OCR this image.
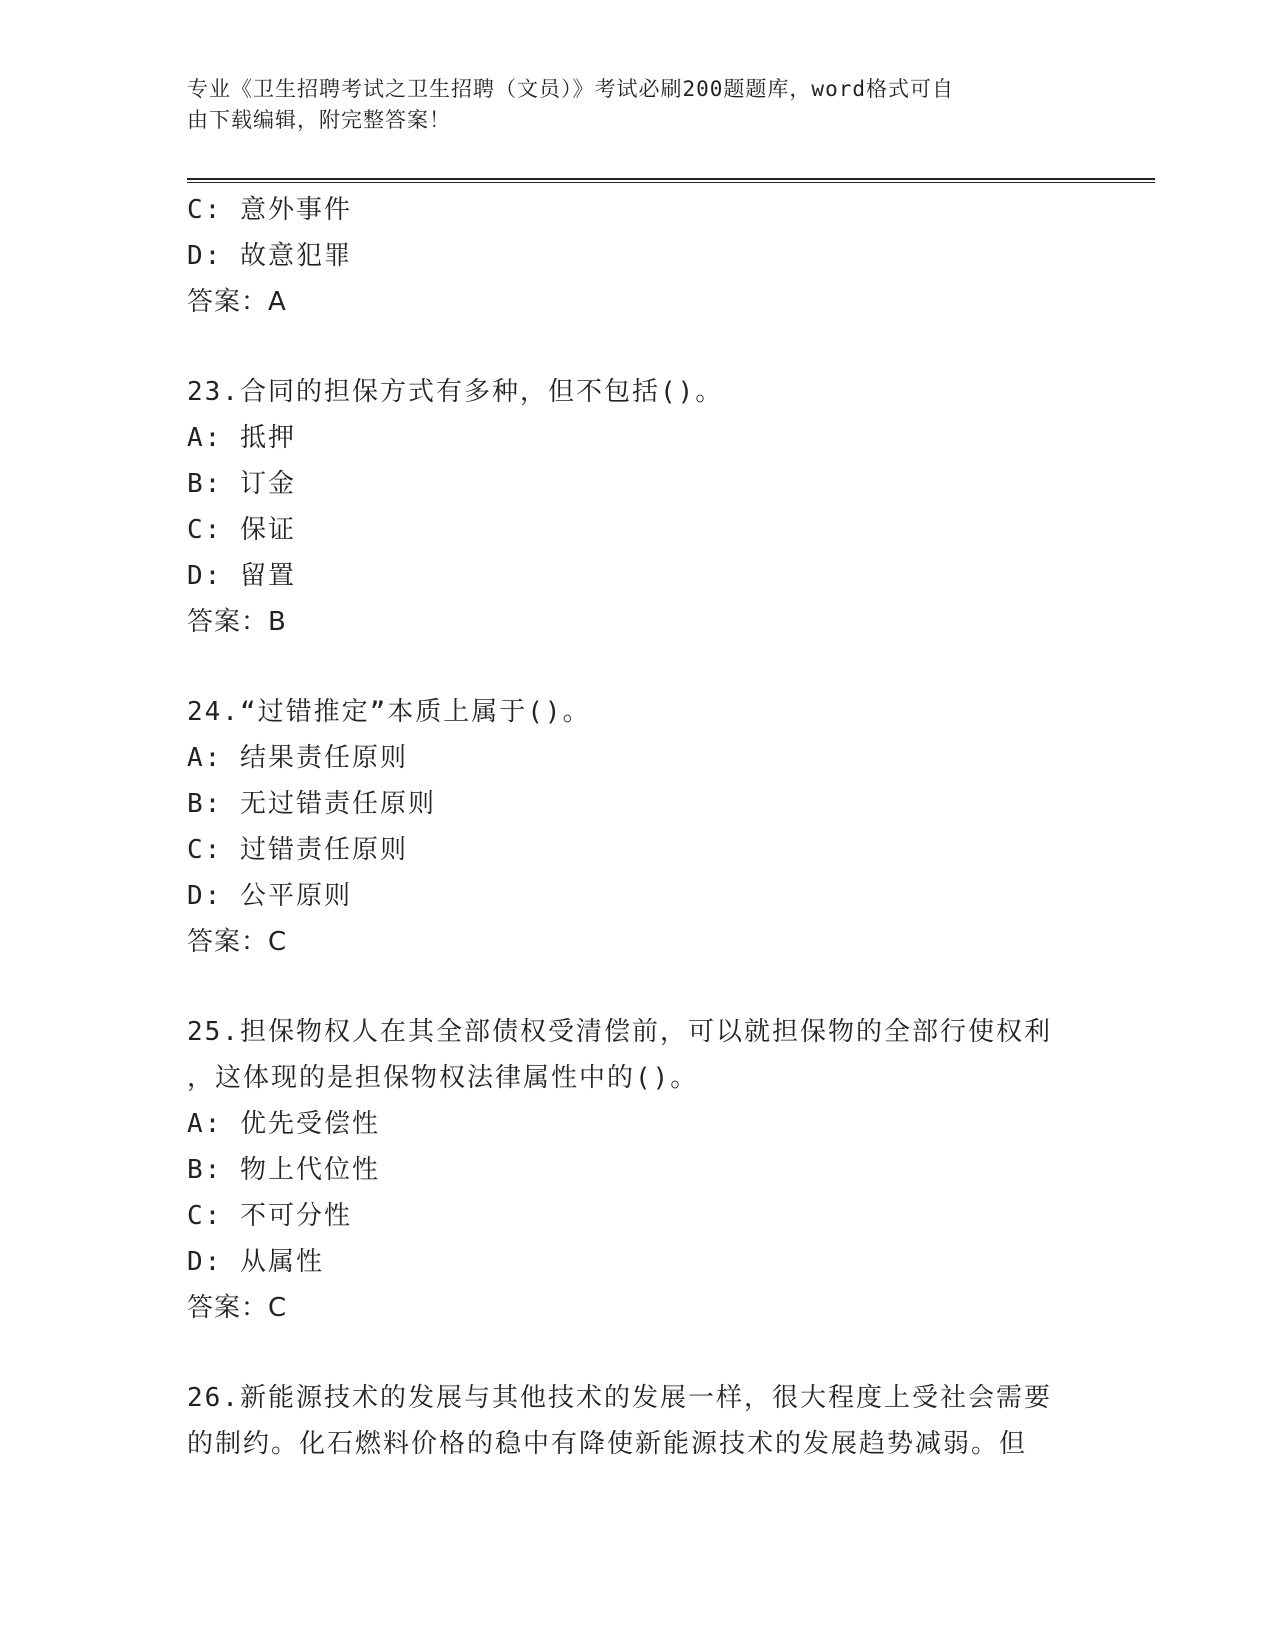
专业《卫生招聘考试之卫生招聘（文员）》考试必刷200题题库，word格式可自
由下载编辑，附完整答案！
C: 意外事件
D: 故意犯罪
答案：A
23.合同的担保方式有多种，但不包括()。
A: 抵押
B: 订金
C: 保证
D: 留置
答案：B
24.“过错推定”本质上属于()。
A: 结果责任原则
B: 无过错责任原则
C: 过错责任原则
D: 公平原则
答案：C
25.担保物权人在其全部债权受清偿前，可以就担保物的全部行使权利
，这体现的是担保物权法律属性中的()。
A: 优先受偿性
B: 物上代位性
C: 不可分性
D: 从属性
答案：C
26.新能源技术的发展与其他技术的发展一样，很大程度上受社会需要
的制约。化石燃料价格的稳中有降使新能源技术的发展趋势减弱。但
